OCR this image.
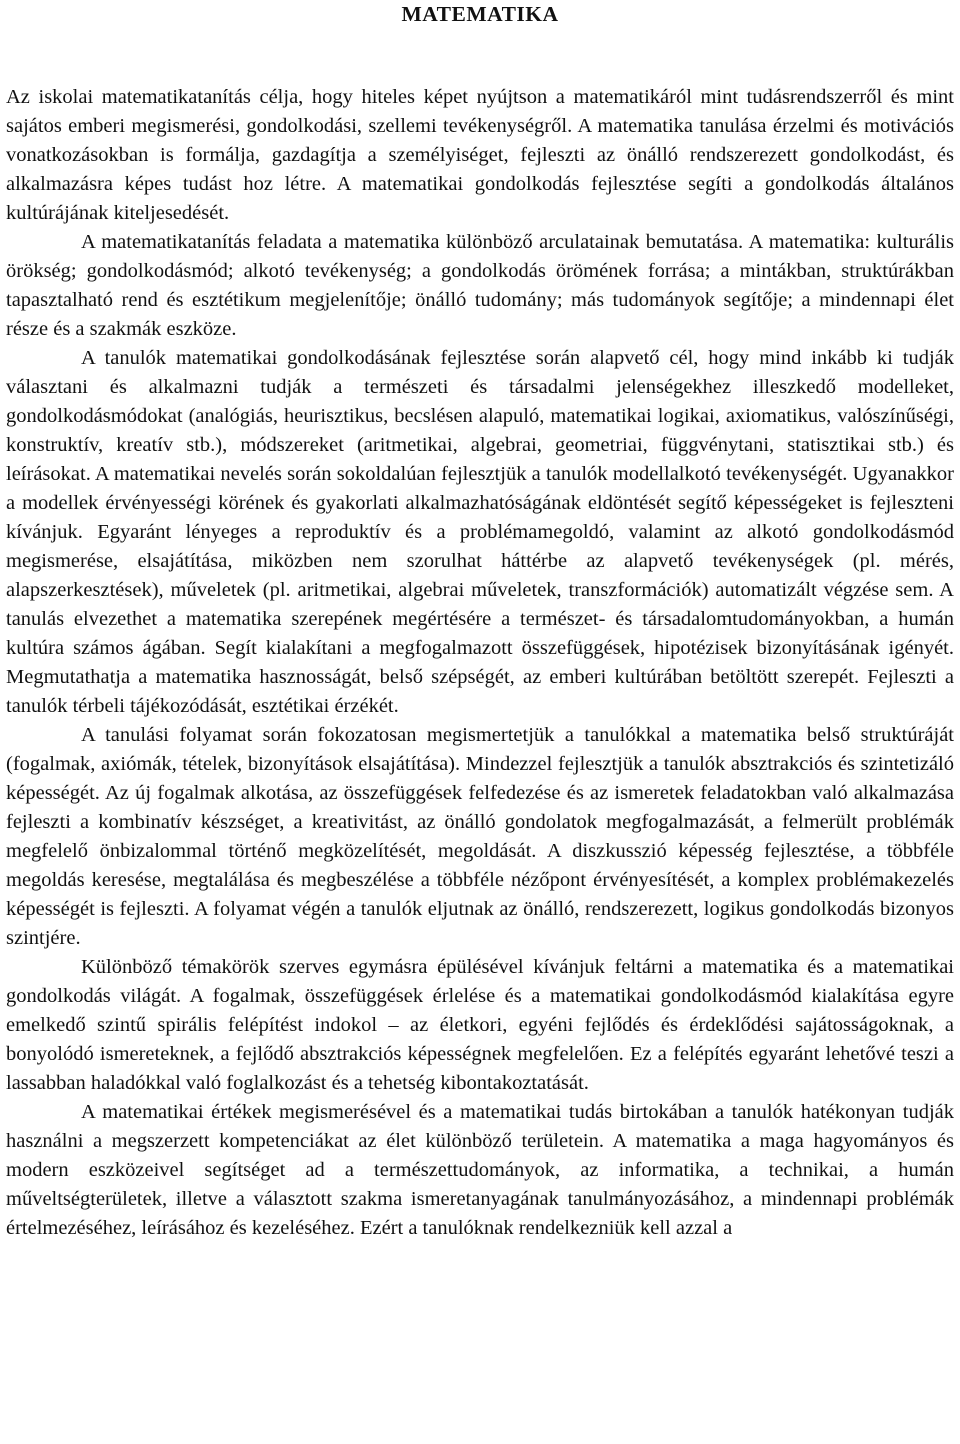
MATEMATIKA

Az iskolai matematikatanítás célja, hogy hiteles képet nyújtson a matematikáról mint tudásrendszerről és mint sajátos emberi megismerési, gondolkodási, szellemi tevékenységről. A matematika tanulása érzelmi és motivációs vonatkozásokban is formálja, gazdagítja a személyiséget, fejleszti az önálló rendszerezett gondolkodást, és alkalmazásra képes tudást hoz létre. A matematikai gondolkodás fejlesztése segíti a gondolkodás általános kultúrájának kiteljesedését.

A matematikatanítás feladata a matematika különböző arculatainak bemutatása. A matematika: kulturális örökség; gondolkodásmód; alkotó tevékenység; a gondolkodás örömének forrása; a mintákban, struktúrákban tapasztalható rend és esztétikum megjelenítője; önálló tudomány; más tudományok segítője; a mindennapi élet része és a szakmák eszköze.

A tanulók matematikai gondolkodásának fejlesztése során alapvető cél, hogy mind inkább ki tudják választani és alkalmazni tudják a természeti és társadalmi jelenségekhez illeszkedő modelleket, gondolkodásmódokat (analógiás, heurisztikus, becslésen alapuló, matematikai logikai, axiomatikus, valószínűségi, konstruktív, kreatív stb.), módszereket (aritmetikai, algebrai, geometriai, függvénytani, statisztikai stb.) és leírásokat. A matematikai nevelés során sokoldalúan fejlesztjük a tanulók modellalkotó tevékenységét. Ugyanakkor a modellek érvényességi körének és gyakorlati alkalmazhatóságának eldöntését segítő képességeket is fejleszteni kívánjuk. Egyaránt lényeges a reproduktív és a problémamegoldó, valamint az alkotó gondolkodásmód megismerése, elsajátítása, miközben nem szorulhat háttérbe az alapvető tevékenységek (pl. mérés, alapszerkesztések), műveletek (pl. aritmetikai, algebrai műveletek, transzformációk) automatizált végzése sem. A tanulás elvezethet a matematika szerepének megértésére a természet- és társadalomtudományokban, a humán kultúra számos ágában. Segít kialakítani a megfogalmazott összefüggések, hipotézisek bizonyításának igényét. Megmutathatja a matematika hasznosságát, belső szépségét, az emberi kultúrában betöltött szerepét. Fejleszti a tanulók térbeli tájékozódását, esztétikai érzékét.

A tanulási folyamat során fokozatosan megismertetjük a tanulókkal a matematika belső struktúráját (fogalmak, axiómák, tételek, bizonyítások elsajátítása). Mindezzel fejlesztjük a tanulók absztrakciós és szintetizáló képességét. Az új fogalmak alkotása, az összefüggések felfedezése és az ismeretek feladatokban való alkalmazása fejleszti a kombinatív készséget, a kreativitást, az önálló gondolatok megfogalmazását, a felmerült problémák megfelelő önbizalommal történő megközelítését, megoldását. A diszkusszió képesség fejlesztése, a többféle megoldás keresése, megtalálása és megbeszélése a többféle nézőpont érvényesítését, a komplex problémakezelés képességét is fejleszti. A folyamat végén a tanulók eljutnak az önálló, rendszerezett, logikus gondolkodás bizonyos szintjére.

Különböző témakörök szerves egymásra épülésével kívánjuk feltárni a matematika és a matematikai gondolkodás világát. A fogalmak, összefüggések érlelése és a matematikai gondolkodásmód kialakítása egyre emelkedő szintű spirális felépítést indokol – az életkori, egyéni fejlődés és érdeklődési sajátosságoknak, a bonyolódó ismereteknek, a fejlődő absztrakciós képességnek megfelelően. Ez a felépítés egyaránt lehetővé teszi a lassabban haladókkal való foglalkozást és a tehetség kibontakoztatását.

A matematikai értékek megismerésével és a matematikai tudás birtokában a tanulók hatékonyan tudják használni a megszerzett kompetenciákat az élet különböző területein. A matematika a maga hagyományos és modern eszközeivel segítséget ad a természettudományok, az informatika, a technikai, a humán műveltségterületek, illetve a választott szakma ismeretanyagának tanulmányozásához, a mindennapi problémák értelmezéséhez, leírásához és kezeléséhez. Ezért a tanulóknak rendelkezniük kell azzal a
